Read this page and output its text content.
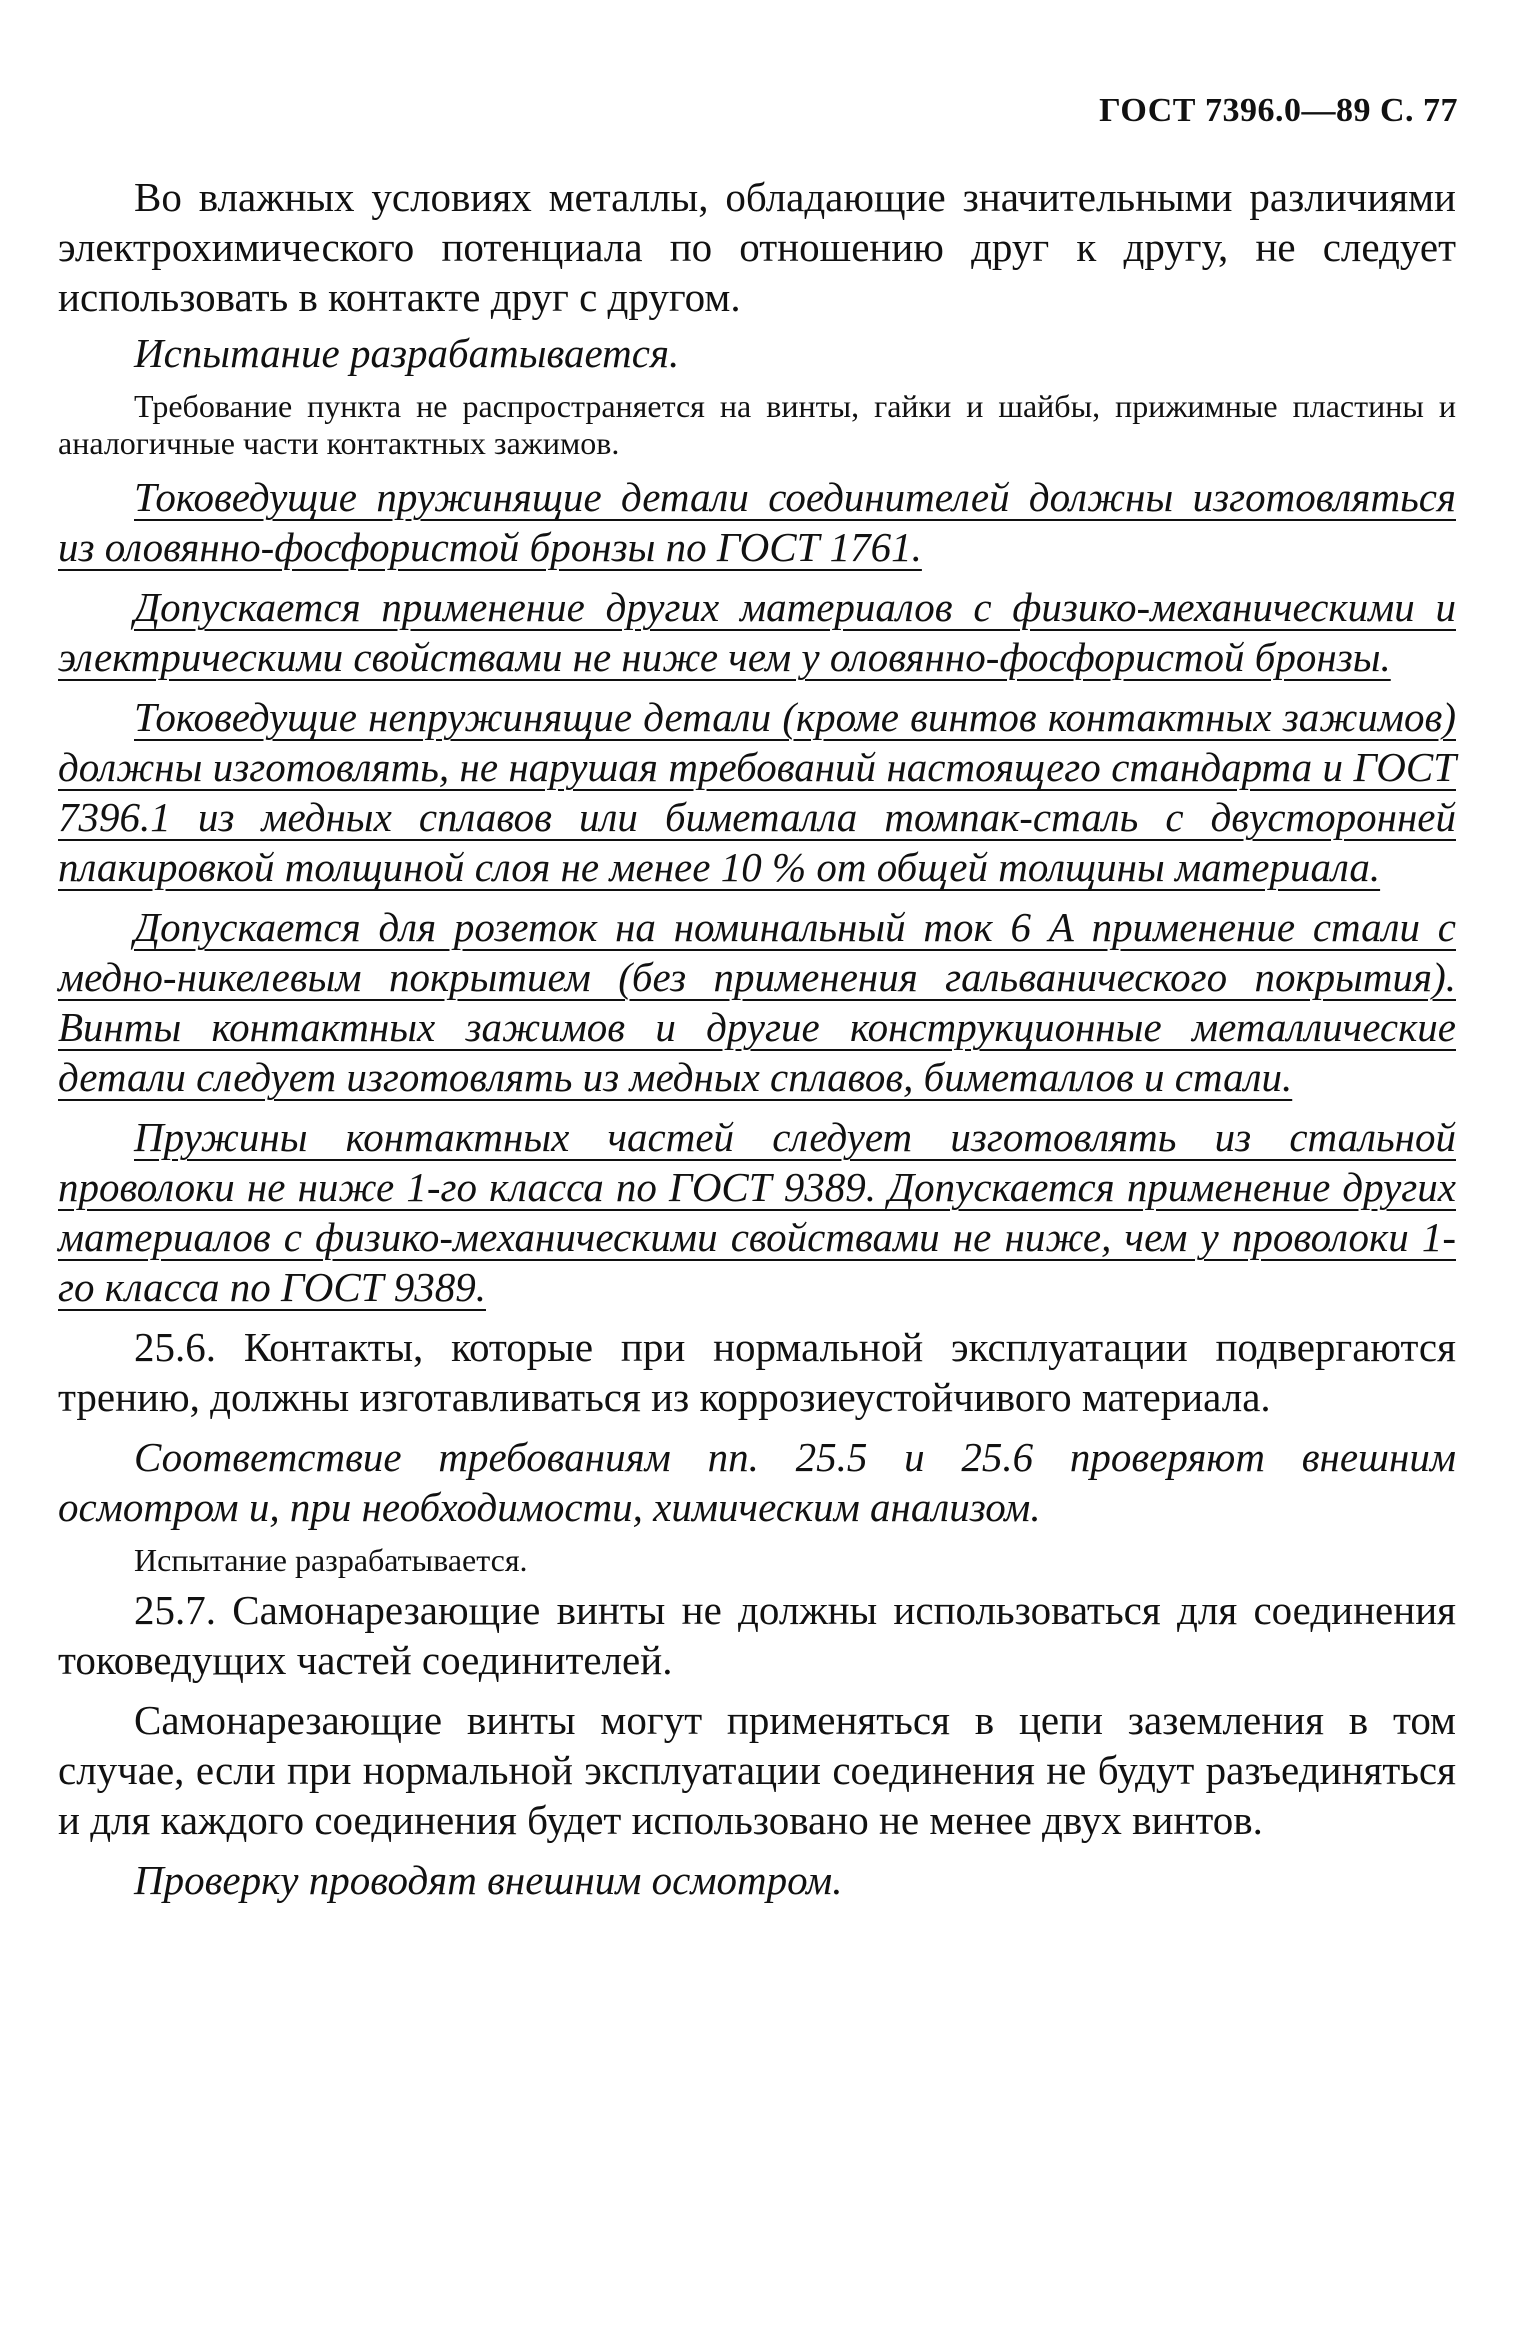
ГОСТ 7396.0—89 С. 77

Во влажных условиях металлы, обладающие значительными различиями электрохимического потенциала по отношению друг к другу, не следует использовать в контакте друг с другом.

Испытание разрабатывается.

Требование пункта не распространяется на винты, гайки и шайбы, прижимные пластины и аналогичные части контактных зажимов.

Токоведущие пружинящие детали соединителей должны изготовляться из оловянно-фосфористой бронзы по ГОСТ 1761.

Допускается применение других материалов с физико-механическими и электрическими свойствами не ниже чем у оловянно-фосфористой бронзы.

Токоведущие непружинящие детали (кроме винтов контактных зажимов) должны изготовлять, не нарушая требований настоящего стандарта и ГОСТ 7396.1 из медных сплавов или биметалла томпак-сталь с двусторонней плакировкой толщиной слоя не менее 10 % от общей толщины материала.

Допускается для розеток на номинальный ток 6 А применение стали с медно-никелевым покрытием (без применения гальванического покрытия). Винты контактных зажимов и другие конструкционные металлические детали следует изготовлять из медных сплавов, биметаллов и стали.

Пружины контактных частей следует изготовлять из стальной проволоки не ниже 1-го класса по ГОСТ 9389. Допускается применение других материалов с физико-механическими свойствами не ниже, чем у проволоки 1-го класса по ГОСТ 9389.

25.6. Контакты, которые при нормальной эксплуатации подвергаются трению, должны изготавливаться из коррозиеустойчивого материала.

Соответствие требованиям пп. 25.5 и 25.6 проверяют внешним осмотром и, при необходимости, химическим анализом.

Испытание разрабатывается.

25.7. Самонарезающие винты не должны использоваться для соединения токоведущих частей соединителей.

Самонарезающие винты могут применяться в цепи заземления в том случае, если при нормальной эксплуатации соединения не будут разъединяться и для каждого соединения будет использовано не менее двух винтов.

Проверку проводят внешним осмотром.
